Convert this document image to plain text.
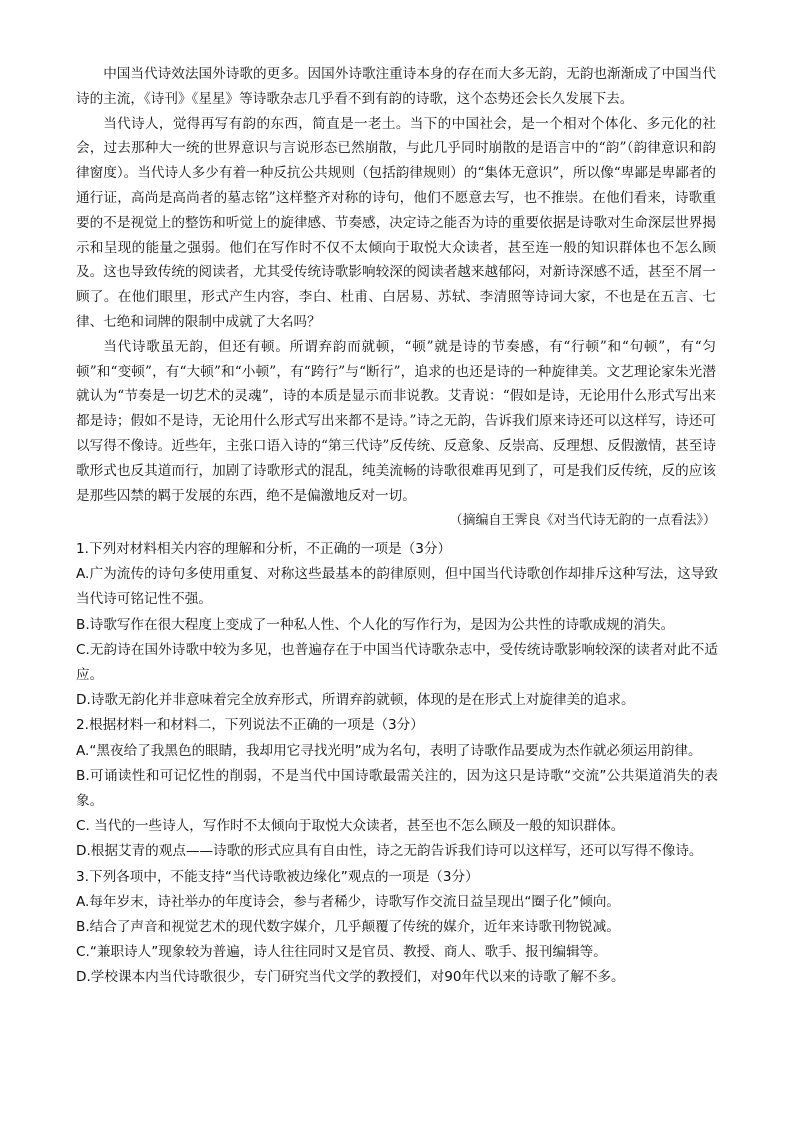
中国当代诗效法国外诗歌的更多。因国外诗歌注重诗本身的存在而大多无韵，无韵也渐渐成了中国当代诗的主流，《诗刊》《星星》等诗歌杂志几乎看不到有韵的诗歌，这个态势还会长久发展下去。

当代诗人，觉得再写有韵的东西，简直是一老土。当下的中国社会，是一个相对个体化、多元化的社会，过去那种大一统的世界意识与言说形态已然崩散，与此几乎同时崩散的是语言中的“韵”（韵律意识和韵律窗度）。当代诗人多少有着一种反抗公共规则（包括韵律规则）的“集体无意识”，所以像“卑鄙是卑鄙者的通行证，高尚是高尚者的墓志铭”这样整齐对称的诗句，他们不愿意去写，也不推崇。在他们看来，诗歌重要的不是视觉上的整饬和听觉上的旋律感、节奏感，决定诗之能否为诗的重要依据是诗歌对生命深层世界揭示和呈现的能量之强弱。他们在写作时不仅不太倾向于取悦大众读者，甚至连一般的知识群体也不怎么顾及。这也导致传统的阅读者，尤其受传统诗歌影响较深的阅读者越来越郁闷，对新诗深感不适，甚至不屑一顾了。在他们眼里，形式产生内容，李白、杜甫、白居易、苏轼、李清照等诗词大家，不也是在五言、七律、七绝和词牌的限制中成就了大名吗？

当代诗歌虽无韵，但还有顿。所谓弃韵而就顿，“顿”就是诗的节奏感，有“行顿”和“句顿”，有“匀顿”和“变顿”，有“大顿”和“小顿”，有“跨行”与“断行”，追求的也还是诗的一种旋律美。文艺理论家朱光潜就认为“节奏是一切艺术的灵魂”，诗的本质是显示而非说教。艾青说：“假如是诗，无论用什么形式写出来都是诗；假如不是诗，无论用什么形式写出来都不是诗。”诗之无韵，告诉我们原来诗还可以这样写，诗还可以写得不像诗。近些年，主张口语入诗的“第三代诗”反传统、反意象、反崇高、反理想、反假激情，甚至诗歌形式也反其道而行，加剧了诗歌形式的混乱，纯美流畅的诗歌很难再见到了，可是我们反传统，反的应该是那些囚禁的羁于发展的东西，绝不是偏激地反对一切。

（摘编自王霁良《对当代诗无韵的一点看法》）

1.下列对材料相关内容的理解和分析，不正确的一项是（3分）

A.广为流传的诗句多使用重复、对称这些最基本的韵律原则，但中国当代诗歌创作却排斥这种写法，这导致当代诗可铭记性不强。

B.诗歌写作在很大程度上变成了一种私人性、个人化的写作行为，是因为公共性的诗歌成规的消失。

C.无韵诗在国外诗歌中较为多见，也普遍存在于中国当代诗歌杂志中，受传统诗歌影响较深的读者对此不适应。

D.诗歌无韵化并非意味着完全放弃形式，所谓弃韵就顿，体现的是在形式上对旋律美的追求。

2.根据材料一和材料二，下列说法不正确的一项是（3分）

A.“黑夜给了我黑色的眼睛，我却用它寻找光明”成为名句，表明了诗歌作品要成为杰作就必须运用韵律。

B.可诵读性和可记忆性的削弱，不是当代中国诗歌最需关注的，因为这只是诗歌“交流”公共渠道消失的表象。

C. 当代的一些诗人，写作时不太倾向于取悦大众读者，甚至也不怎么顾及一般的知识群体。

D.根据艾青的观点——诗歌的形式应具有自由性，诗之无韵告诉我们诗可以这样写，还可以写得不像诗。

3.下列各项中，不能支持“当代诗歌被边缘化”观点的一项是（3分）

A.每年岁末，诗社举办的年度诗会，参与者稀少，诗歌写作交流日益呈现出“圈子化”倾向。

B.结合了声音和视觉艺术的现代数字媒介，几乎颠覆了传统的媒介，近年来诗歌刊物锐减。

C.“兼职诗人”现象较为普遍，诗人往往同时又是官员、教授、商人、歌手、报刊编辑等。

D.学校课本内当代诗歌很少，专门研究当代文学的教授们，对90年代以来的诗歌了解不多。
